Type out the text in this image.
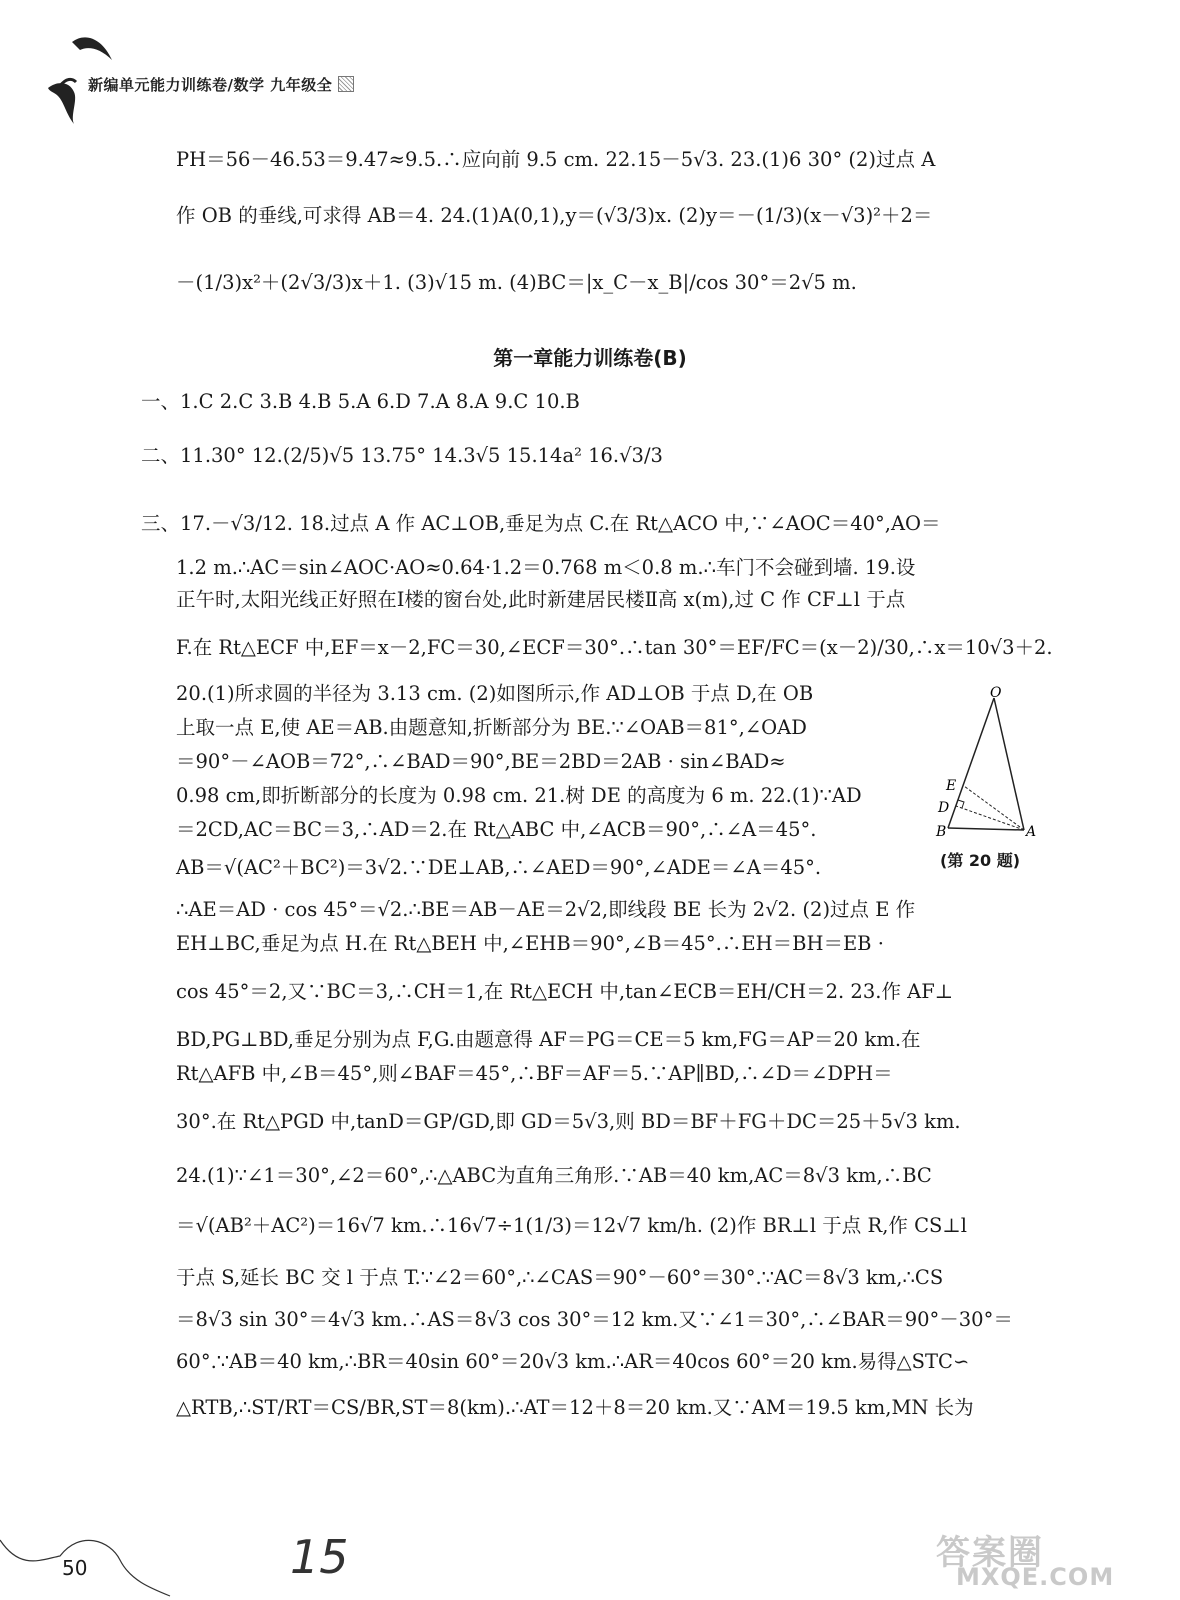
新编单元能力训练卷/数学 九年级全
PH＝56－46.53＝9.47≈9.5.∴应向前 9.5 cm. 22.15－5√3. 23.(1)6 30° (2)过点 A
作 OB 的垂线,可求得 AB＝4. 24.(1)A(0,1),y＝(√3/3)x. (2)y＝－(1/3)(x－√3)²＋2＝
－(1/3)x²＋(2√3/3)x＋1. (3)√15 m. (4)BC＝|x_C－x_B|/cos 30°＝2√5 m.
第一章能力训练卷(B)
一、1.C 2.C 3.B 4.B 5.A 6.D 7.A 8.A 9.C 10.B
二、11.30° 12.(2/5)√5 13.75° 14.3√5 15.14a² 16.√3/3
三、17.－√3/12. 18.过点 A 作 AC⊥OB,垂足为点 C.在 Rt△ACO 中,∵∠AOC＝40°,AO＝
1.2 m.∴AC＝sin∠AOC·AO≈0.64·1.2＝0.768 m＜0.8 m.∴车门不会碰到墙. 19.设
正午时,太阳光线正好照在Ⅰ楼的窗台处,此时新建居民楼Ⅱ高 x(m),过 C 作 CF⊥l 于点
F.在 Rt△ECF 中,EF＝x－2,FC＝30,∠ECF＝30°.∴tan 30°＝EF/FC＝(x－2)/30,∴x＝10√3＋2.
20.(1)所求圆的半径为 3.13 cm. (2)如图所示,作 AD⊥OB 于点 D,在 OB
上取一点 E,使 AE＝AB.由题意知,折断部分为 BE.∵∠OAB＝81°,∠OAD
＝90°－∠AOB＝72°,∴∠BAD＝90°,BE＝2BD＝2AB · sin∠BAD≈
0.98 cm,即折断部分的长度为 0.98 cm. 21.树 DE 的高度为 6 m. 22.(1)∵AD
＝2CD,AC＝BC＝3,∴AD＝2.在 Rt△ABC 中,∠ACB＝90°,∴∠A＝45°.
AB＝√(AC²＋BC²)＝3√2.∵DE⊥AB,∴∠AED＝90°,∠ADE＝∠A＝45°.
∴AE＝AD · cos 45°＝√2.∴BE＝AB－AE＝2√2,即线段 BE 长为 2√2. (2)过点 E 作
EH⊥BC,垂足为点 H.在 Rt△BEH 中,∠EHB＝90°,∠B＝45°.∴EH＝BH＝EB ·
cos 45°＝2,又∵BC＝3,∴CH＝1,在 Rt△ECH 中,tan∠ECB＝EH/CH＝2. 23.作 AF⊥
BD,PG⊥BD,垂足分别为点 F,G.由题意得 AF＝PG＝CE＝5 km,FG＝AP＝20 km.在
Rt△AFB 中,∠B＝45°,则∠BAF＝45°,∴BF＝AF＝5.∵AP∥BD,∴∠D＝∠DPH＝
30°.在 Rt△PGD 中,tanD＝GP/GD,即 GD＝5√3,则 BD＝BF＋FG＋DC＝25＋5√3 km.
24.(1)∵∠1＝30°,∠2＝60°,∴△ABC为直角三角形.∵AB＝40 km,AC＝8√3 km,∴BC
＝√(AB²＋AC²)＝16√7 km.∴16√7÷1(1/3)＝12√7 km/h. (2)作 BR⊥l 于点 R,作 CS⊥l
于点 S,延长 BC 交 l 于点 T.∵∠2＝60°,∴∠CAS＝90°－60°＝30°.∵AC＝8√3 km,∴CS
＝8√3 sin 30°＝4√3 km.∴AS＝8√3 cos 30°＝12 km.又∵∠1＝30°,∴∠BAR＝90°－30°＝
60°.∵AB＝40 km,∴BR＝40sin 60°＝20√3 km.∴AR＝40cos 60°＝20 km.易得△STC∽
△RTB,∴ST/RT＝CS/BR,ST＝8(km).∴AT＝12＋8＝20 km.又∵AM＝19.5 km,MN 长为
O
E
D
B	A
(第 20 题)
50	15	答案圈
MXQE.COM
